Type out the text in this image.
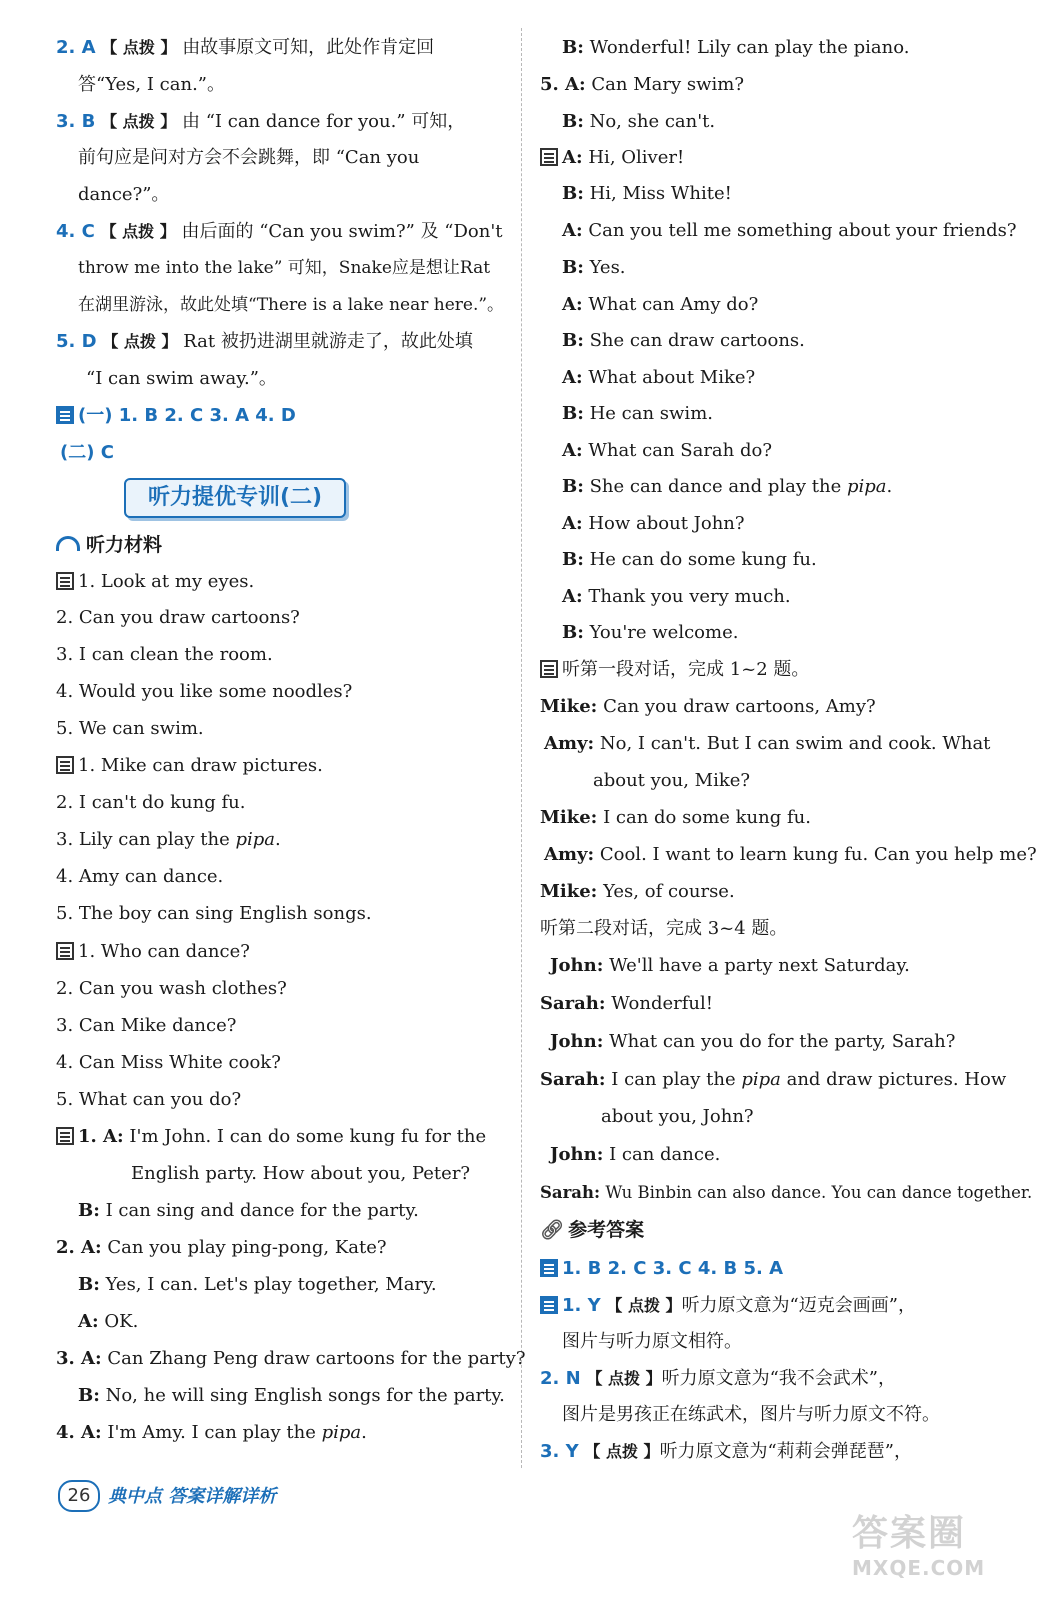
2. A 【 点拨 】 由故事原文可知，此处作肯定回
答“Yes, I can.”。
3. B 【 点拨 】 由 “I can dance for you.” 可知，
前句应是问对方会不会跳舞，即 “Can you
dance?”。
4. C 【 点拨 】 由后面的 “Can you swim?” 及 “Don't
throw me into the lake” 可知，Snake应是想让Rat
在湖里游泳，故此处填“There is a lake near here.”。
5. D 【 点拨 】 Rat 被扔进湖里就游走了，故此处填
“I can swim away.”。
(一) 1. B 2. C 3. A 4. D
(二) C
听力提优专训(二)
听力材料
1. Look at my eyes.
2. Can you draw cartoons?
3. I can clean the room.
4. Would you like some noodles?
5. We can swim.
1. Mike can draw pictures.
2. I can't do kung fu.
3. Lily can play the pipa.
4. Amy can dance.
5. The boy can sing English songs.
1. Who can dance?
2. Can you wash clothes?
3. Can Mike dance?
4. Can Miss White cook?
5. What can you do?
1. A: I'm John. I can do some kung fu for the
English party. How about you, Peter?
B: I can sing and dance for the party.
2. A: Can you play ping-pong, Kate?
B: Yes, I can. Let's play together, Mary.
A: OK.
3. A: Can Zhang Peng draw cartoons for the party?
B: No, he will sing English songs for the party.
4. A: I'm Amy. I can play the pipa.
B: Wonderful! Lily can play the piano.
5. A: Can Mary swim?
B: No, she can't.
A: Hi, Oliver!
B: Hi, Miss White!
A: Can you tell me something about your friends?
B: Yes.
A: What can Amy do?
B: She can draw cartoons.
A: What about Mike?
B: He can swim.
A: What can Sarah do?
B: She can dance and play the pipa.
A: How about John?
B: He can do some kung fu.
A: Thank you very much.
B: You're welcome.
听第一段对话，完成 1~2 题。
Mike: Can you draw cartoons, Amy?
Amy: No, I can't. But I can swim and cook. What
about you, Mike?
Mike: I can do some kung fu.
Amy: Cool. I want to learn kung fu. Can you help me?
Mike: Yes, of course.
听第二段对话，完成 3~4 题。
John: We'll have a party next Saturday.
Sarah: Wonderful!
John: What can you do for the party, Sarah?
Sarah: I can play the pipa and draw pictures. How
about you, John?
John: I can dance.
Sarah: Wu Binbin can also dance. You can dance together.
🔗︎ 参考答案
1. B 2. C 3. C 4. B 5. A
1. Y 【 点拨 】听力原文意为“迈克会画画”，
图片与听力原文相符。
2. N 【 点拨 】听力原文意为“我不会武术”，
图片是男孩正在练武术，图片与听力原文不符。
3. Y 【 点拨 】听力原文意为“莉莉会弹琵琶”，
26 典中点 答案详解详析
答案圈
MXQE.COM
